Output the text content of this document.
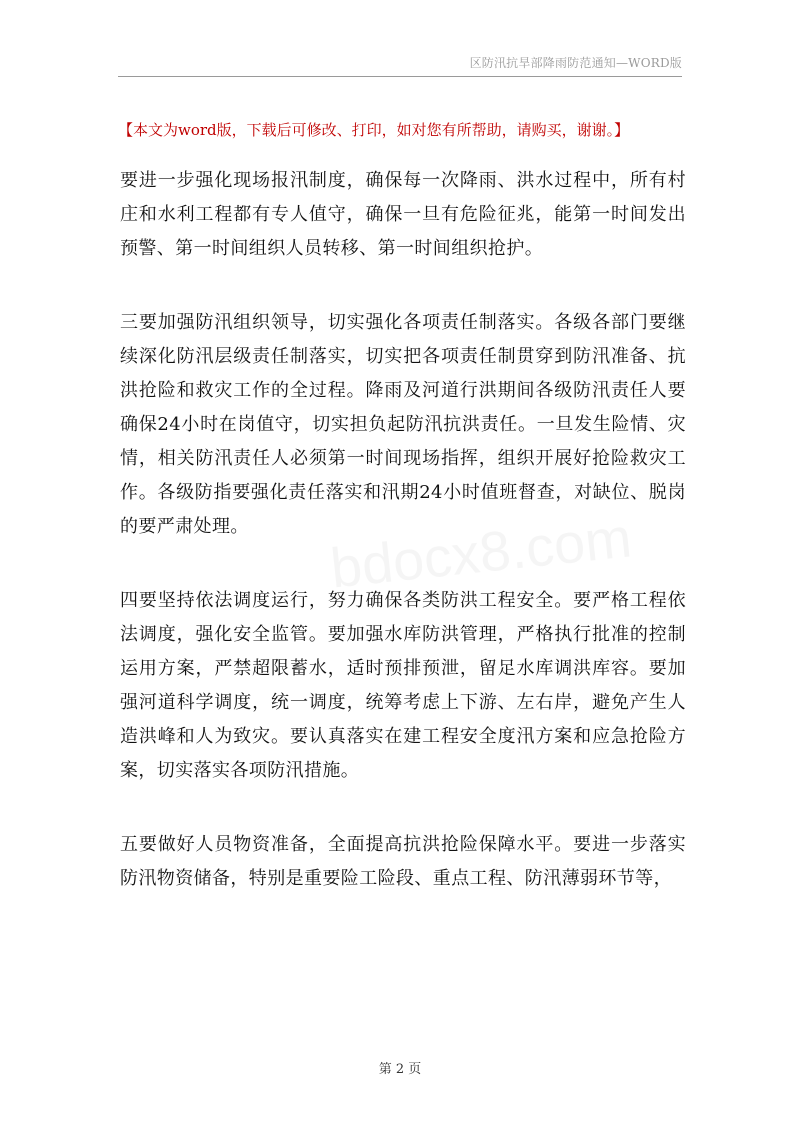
区防汛抗旱部降雨防范通知—WORD版
【本文为word版，下载后可修改、打印，如对您有所帮助，请购买，谢谢。】

要进一步强化现场报汛制度，确保每一次降雨、洪水过程中，所有村庄和水利工程都有专人值守，确保一旦有危险征兆，能第一时间发出预警、第一时间组织人员转移、第一时间组织抢护。

三要加强防汛组织领导，切实强化各项责任制落实。各级各部门要继续深化防汛层级责任制落实，切实把各项责任制贯穿到防汛准备、抗洪抢险和救灾工作的全过程。降雨及河道行洪期间各级防汛责任人要确保24小时在岗值守，切实担负起防汛抗洪责任。一旦发生险情、灾情，相关防汛责任人必须第一时间现场指挥，组织开展好抢险救灾工作。各级防指要强化责任落实和汛期24小时值班督查，对缺位、脱岗的要严肃处理。

四要坚持依法调度运行，努力确保各类防洪工程安全。要严格工程依法调度，强化安全监管。要加强水库防洪管理，严格执行批准的控制运用方案，严禁超限蓄水，适时预排预泄，留足水库调洪库容。要加强河道科学调度，统一调度，统筹考虑上下游、左右岸，避免产生人造洪峰和人为致灾。要认真落实在建工程安全度汛方案和应急抢险方案，切实落实各项防汛措施。

五要做好人员物资准备，全面提高抗洪抢险保障水平。要进一步落实防汛物资储备，特别是重要险工险段、重点工程、防汛薄弱环节等，

第 2 页
